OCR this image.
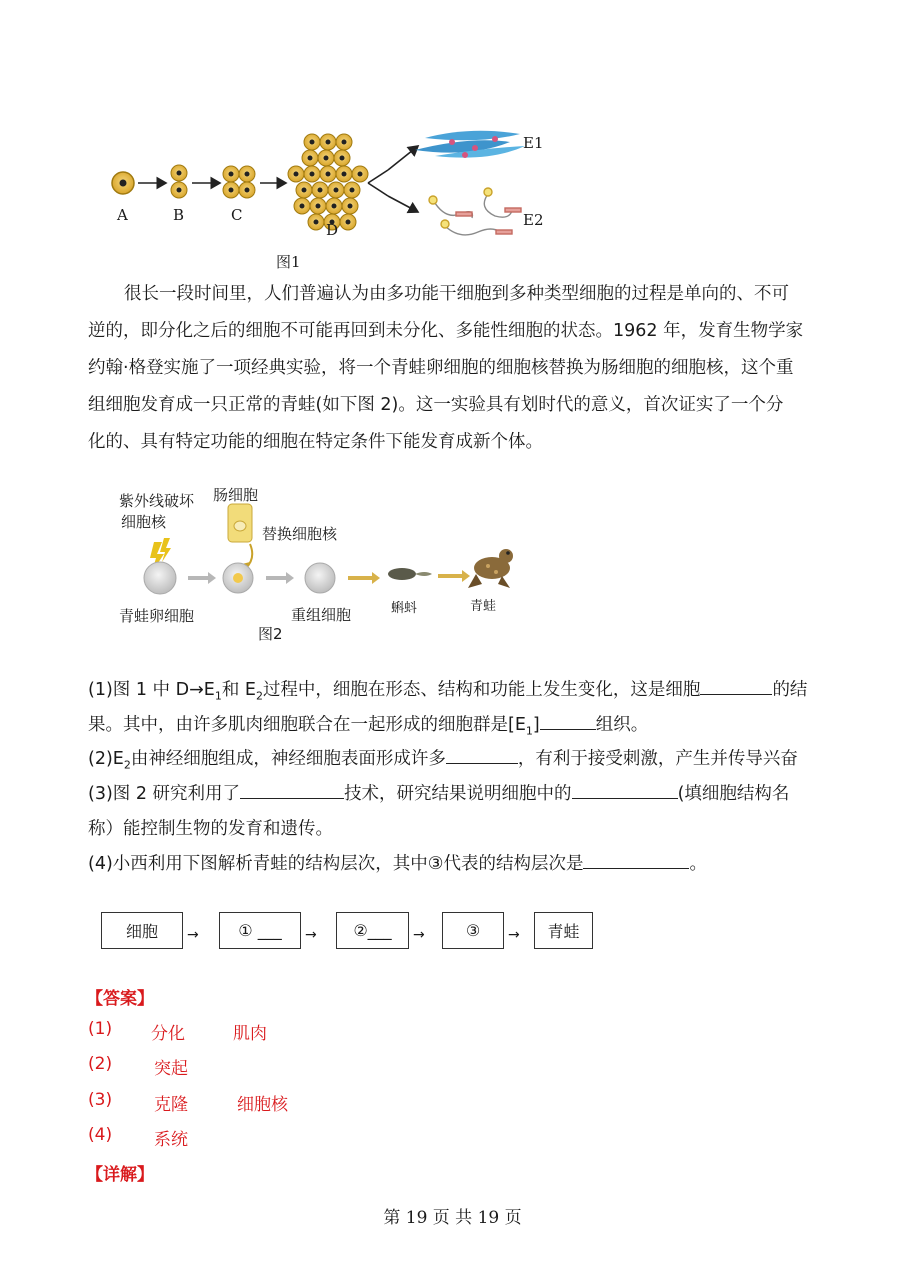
A	B	C
D
E1
E2
图1
很长一段时间里，人们普遍认为由多功能干细胞到多种类型细胞的过程是单向的、不可
逆的，即分化之后的细胞不可能再回到未分化、多能性细胞的状态。1962 年，发育生物学家
约翰·格登实施了一项经典实验，将一个青蛙卵细胞的细胞核替换为肠细胞的细胞核，这个重
组细胞发育成一只正常的青蛙(如下图 2)。这一实验具有划时代的意义，首次证实了一个分
化的、具有特定功能的细胞在特定条件下能发育成新个体。
紫外线破坏
细胞核
肠细胞
替换细胞核
青蛙卵细胞	重组细胞	蝌蚪	青蛙
图2
(1)图 1 中 $D\to E_1$和 $E_2$过程中，细胞在形态、结构和功能上发生变化，这是细胞	的结
果。其中，由许多肌肉细胞联合在一起形成的细胞群是$[E_1]$	组织。
$(2)E_2$由神经细胞组成，神经细胞表面形成许多	，有利于接受刺激，产生并传导兴奋
(3)图 2 研究利用了	技术，研究结果说明细胞中的	(填细胞结构名
称）能控制生物的发育和遗传。
(4)小西利用下图解析青蛙的结构层次，其中③代表的结构层次是	。
细胞	→	① ___	→	②___	→	③	→	青蛙
【答案】
(1) 分化	肌肉
(2) 突起
(3) 克隆	细胞核
(4) 系统
【详解】
第 19 页 共 19 页
